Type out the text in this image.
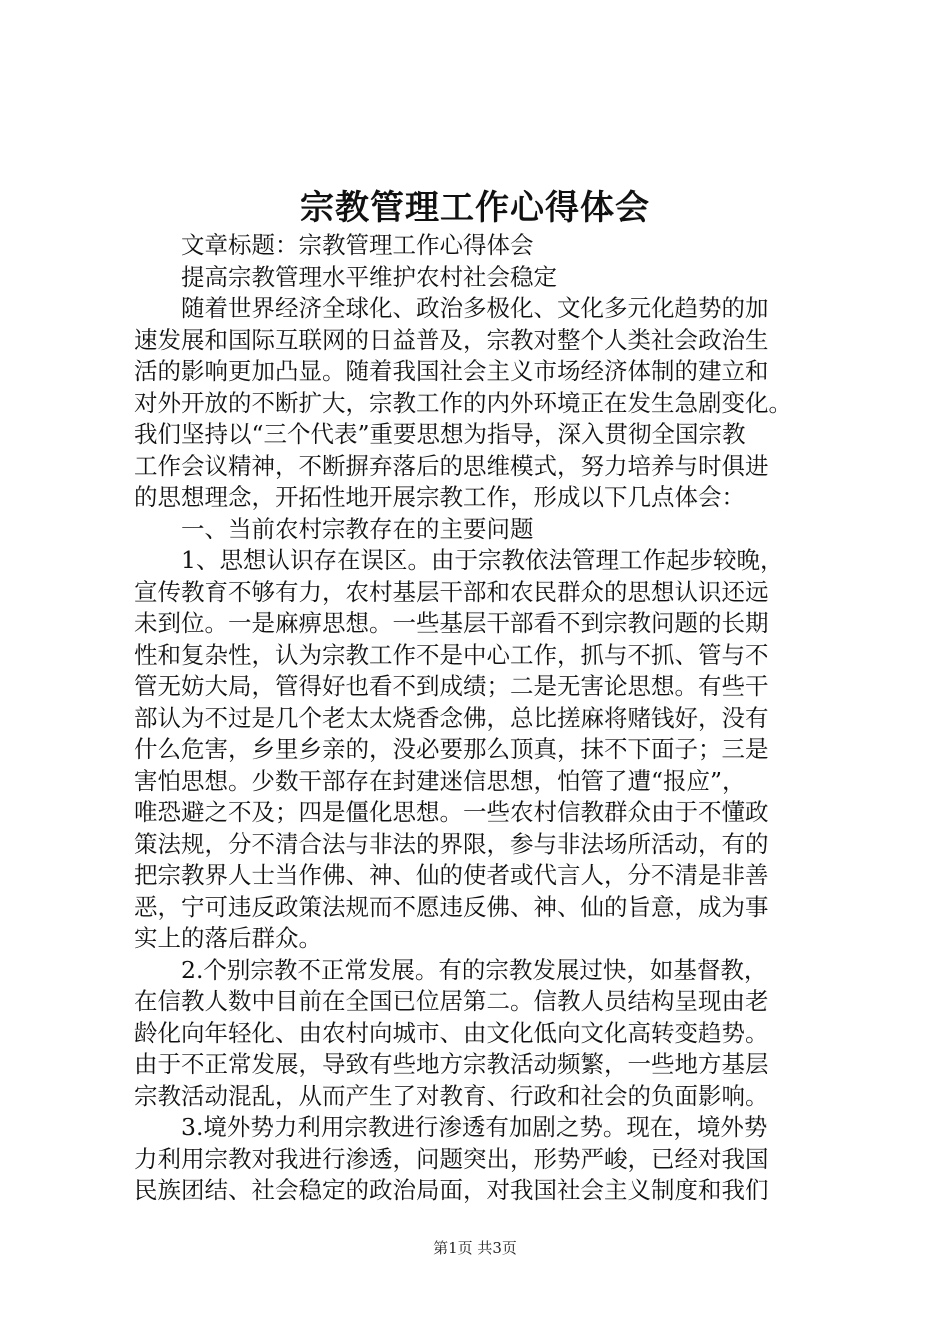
宗教管理工作心得体会
文章标题：宗教管理工作心得体会
提高宗教管理水平维护农村社会稳定
随着世界经济全球化、政治多极化、文化多元化趋势的加
速发展和国际互联网的日益普及，宗教对整个人类社会政治生
活的影响更加凸显。随着我国社会主义市场经济体制的建立和
对外开放的不断扩大，宗教工作的内外环境正在发生急剧变化。
我们坚持以“三个代表”重要思想为指导，深入贯彻全国宗教
工作会议精神，不断摒弃落后的思维模式，努力培养与时俱进
的思想理念，开拓性地开展宗教工作，形成以下几点体会：
一、当前农村宗教存在的主要问题
1、思想认识存在误区。由于宗教依法管理工作起步较晚，
宣传教育不够有力，农村基层干部和农民群众的思想认识还远
未到位。一是麻痹思想。一些基层干部看不到宗教问题的长期
性和复杂性，认为宗教工作不是中心工作，抓与不抓、管与不
管无妨大局，管得好也看不到成绩；二是无害论思想。有些干
部认为不过是几个老太太烧香念佛，总比搓麻将赌钱好，没有
什么危害，乡里乡亲的，没必要那么顶真，抹不下面子；三是
害怕思想。少数干部存在封建迷信思想，怕管了遭“报应”，
唯恐避之不及；四是僵化思想。一些农村信教群众由于不懂政
策法规，分不清合法与非法的界限，参与非法场所活动，有的
把宗教界人士当作佛、神、仙的使者或代言人，分不清是非善
恶，宁可违反政策法规而不愿违反佛、神、仙的旨意，成为事
实上的落后群众。
2.个别宗教不正常发展。有的宗教发展过快，如基督教，
在信教人数中目前在全国已位居第二。信教人员结构呈现由老
龄化向年轻化、由农村向城市、由文化低向文化高转变趋势。
由于不正常发展，导致有些地方宗教活动频繁，一些地方基层
宗教活动混乱，从而产生了对教育、行政和社会的负面影响。
3.境外势力利用宗教进行渗透有加剧之势。现在，境外势
力利用宗教对我进行渗透，问题突出，形势严峻，已经对我国
民族团结、社会稳定的政治局面，对我国社会主义制度和我们
第1页 共3页
